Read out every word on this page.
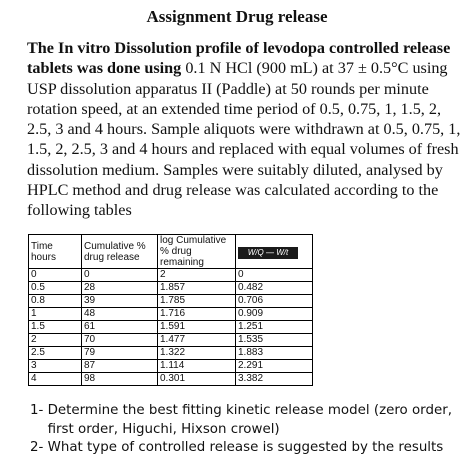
Assignment Drug release

The In vitro Dissolution profile of levodopa controlled release tablets was done using 0.1 N HCl (900 mL) at 37 ± 0.5°C using USP dissolution apparatus II (Paddle) at 50 rounds per minute rotation speed, at an extended time period of 0.5, 0.75, 1, 1.5, 2, 2.5, 3 and 4 hours. Sample aliquots were withdrawn at 0.5, 0.75, 1, 1.5, 2, 2.5, 3 and 4 hours and replaced with equal volumes of fresh dissolution medium. Samples were suitably diluted, analysed by HPLC method and drug release was calculated according to the following tables

Time hours	Cumulative % drug release	log Cumulative % drug remaining	W/Q — W/t
0	0	2	0
0.5	28	1.857	0.482
0.8	39	1.785	0.706
1	48	1.716	0.909
1.5	61	1.591	1.251
2	70	1.477	1.535
2.5	79	1.322	1.883
3	87	1.114	2.291
4	98	0.301	3.382
1- Determine the best fitting kinetic release model (zero order, first order, Higuchi, Hixson crowel)
2- What type of controlled release is suggested by the results
